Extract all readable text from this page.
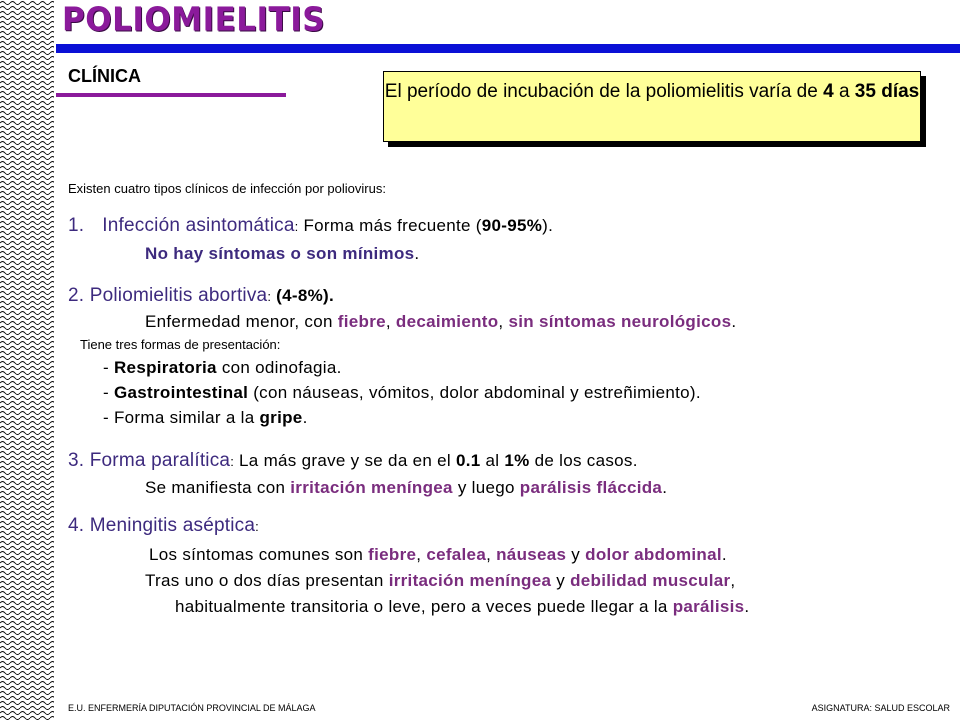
POLIOMIELITIS
CLÍNICA
El período de incubación de la poliomielitis varía de 4 a 35 días
Existen cuatro tipos clínicos de infección por poliovirus:
1. Infección asintomática: Forma más frecuente (90-95%).
No hay síntomas o son mínimos.
2. Poliomielitis abortiva: (4-8%).
Enfermedad menor, con fiebre, decaimiento, sin síntomas neurológicos.
Tiene tres formas de presentación:
- Respiratoria con odinofagia.
- Gastrointestinal (con náuseas, vómitos, dolor abdominal y estreñimiento).
- Forma similar a la gripe.
3. Forma paralítica: La más grave y se da en el 0.1 al 1% de los casos.
Se manifiesta con irritación meníngea y luego parálisis fláccida.
4. Meningitis aséptica:
Los síntomas comunes son fiebre, cefalea, náuseas y dolor abdominal.
Tras uno o dos días presentan irritación meníngea y debilidad muscular,
habitualmente transitoria o leve, pero a veces puede llegar a la parálisis.
E.U. ENFERMERÍA DIPUTACIÓN PROVINCIAL DE MÁLAGA	ASIGNATURA: SALUD ESCOLAR
